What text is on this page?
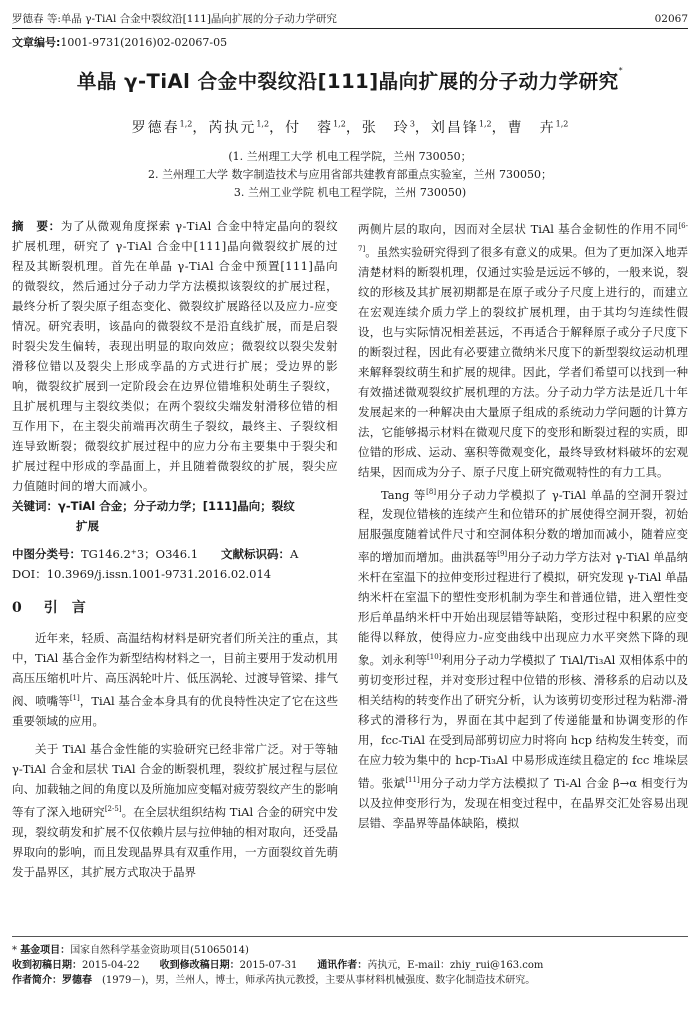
罗德春 等:单晶 γ-TiAl 合金中裂纹沿[111]晶向扩展的分子动力学研究	02067
文章编号:1001-9731(2016)02-02067-05
单晶 γ-TiAl 合金中裂纹沿[111]晶向扩展的分子动力学研究*
罗德春$^{1,2}$，芮执元$^{1,2}$，付　蓉$^{1,2}$，张　玲$^3$，刘昌锋$^{1,2}$，曹　卉$^{1,2}$
(1. 兰州理工大学 机电工程学院，兰州 730050；
2. 兰州理工大学 数字制造技术与应用省部共建教育部重点实验室，兰州 730050；
3. 兰州工业学院 机电工程学院，兰州 730050)

摘　要：为了从微观角度探索 γ-TiAl 合金中特定晶向的裂纹扩展机理，研究了 γ-TiAl 合金中[111]晶向微裂纹扩展的过程及其断裂机理。首先在单晶 γ-TiAl 合金中预置[111]晶向的微裂纹，然后通过分子动力学方法模拟该裂纹的扩展过程，最终分析了裂尖原子组态变化、微裂纹扩展路径以及应力-应变情况。研究表明，该晶向的微裂纹不是沿直线扩展，而是启裂时裂尖发生偏转，表现出明显的取向效应；微裂纹以裂尖发射滑移位错以及裂尖上形成孪晶的方式进行扩展；受边界的影响，微裂纹扩展到一定阶段会在边界位错堆积处萌生子裂纹，且扩展机理与主裂纹类似；在两个裂纹尖端发射滑移位错的相互作用下，在主裂尖前端再次萌生子裂纹，最终主、子裂纹相连导致断裂；微裂纹扩展过程中的应力分布主要集中于裂尖和扩展过程中形成的孪晶面上，并且随着微裂纹的扩展，裂尖应力值随时间的增大而减小。

关键词：γ-TiAl 合金；分子动力学；[111]晶向；裂纹

扩展

中图分类号：TG146.2⁺3；O346.1　　 文献标识码：A

DOI：10.3969/j.issn.1001-9731.2016.02.014

0 引　言

近年来，轻质、高温结构材料是研究者们所关注的重点，其中，TiAl 基合金作为新型结构材料之一，目前主要用于发动机用高压压缩机叶片、高压涡轮叶片、低压涡轮、过渡导管梁、排气阀、喷嘴等[1]，TiAl 基合金本身具有的优良特性决定了它在这些重要领域的应用。

关于 TiAl 基合金性能的实验研究已经非常广泛。对于等轴 γ-TiAl 合金和层状 TiAl 合金的断裂机理，裂纹扩展过程与层位向、加载轴之间的角度以及所施加应变幅对疲劳裂纹产生的影响等有了深入地研究[2-5]。在全层状组织结构 TiAl 合金的研究中发现，裂纹萌发和扩展不仅依赖片层与拉伸轴的相对取向，还受晶界取向的影响，而且发现晶界具有双重作用，一方面裂纹首先萌发于晶界区，其扩展方式取决于晶界

两侧片层的取向，因而对全层状 TiAl 基合金韧性的作用不同[6-7]。虽然实验研究得到了很多有意义的成果。但为了更加深入地弄清楚材料的断裂机理，仅通过实验是远远不够的，一般来说，裂纹的形核及其扩展初期都是在原子或分子尺度上进行的，而建立在宏观连续介质力学上的裂纹扩展机理，由于其均匀连续性假设，也与实际情况相差甚远，不再适合于解释原子或分子尺度下的断裂过程，因此有必要建立微纳米尺度下的新型裂纹运动机理来解释裂纹萌生和扩展的规律。因此，学者们希望可以找到一种有效描述微观裂纹扩展机理的方法。分子动力学方法是近几十年发展起来的一种解决由大量原子组成的系统动力学问题的计算方法，它能够揭示材料在微观尺度下的变形和断裂过程的实质，即位错的形成、运动、塞积等微观变化，最终导致材料破坏的宏观结果，因而成为分子、原子尺度上研究微观特性的有力工具。

Tang 等[8]用分子动力学模拟了 γ-TiAl 单晶的空洞开裂过程，发现位错核的连续产生和位错环的扩展使得空洞开裂，初始屈服强度随着试件尺寸和空洞体积分数的增加而减小，随着应变率的增加而增加。曲洪磊等[9]用分子动力学方法对 γ-TiAl 单晶纳米杆在室温下的拉伸变形过程进行了模拟，研究发现 γ-TiAl 单晶纳米杆在室温下的塑性变形机制为孪生和普通位错，进入塑性变形后单晶纳米杆中开始出现层错等缺陷，变形过程中积累的应变能得以释放，使得应力-应变曲线中出现应力水平突然下降的现象。刘永利等[10]利用分子动力学模拟了 TiAl/Ti₃Al 双相体系中的剪切变形过程，并对变形过程中位错的形核、滑移系的启动以及相关结构的转变作出了研究分析，认为该剪切变形过程为粘滞-滑移式的滑移行为，界面在其中起到了传递能量和协调变形的作用，fcc-TiAl 在受到局部剪切应力时将向 hcp 结构发生转变，而在应力较为集中的 hcp-Ti₃Al 中易形成连续且稳定的 fcc 堆垛层错。张斌[11]用分子动力学方法模拟了 Ti-Al 合金 β→α 相变行为以及拉伸变形行为，发现在相变过程中，在晶界交汇处容易出现层错、孪晶界等晶体缺陷，模拟

* 基金项目：国家自然科学基金资助项目(51065014)
收到初稿日期：2015-04-22　　 收到修改稿日期：2015-07-31　　 通讯作者：芮执元，E-mail：zhiy_rui@163.com
作者简介：罗德春　 (1979－)，男，兰州人，博士，师承芮执元教授，主要从事材料机械强度、数字化制造技术研究。
